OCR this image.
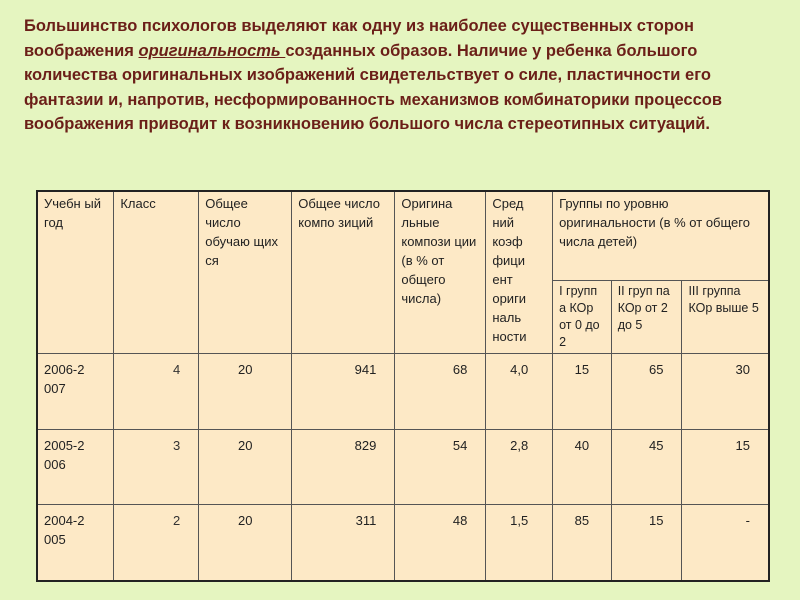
Большинство психологов выделяют как одну из наиболее существенных сторон воображения оригинальность созданных образов. Наличие у ребенка большого количества оригинальных изображений свидетельствует о силе, пластичности его фантазии и, напротив, несформированность механизмов комбинаторики процессов воображения приводит к возникновению большого числа стереотипных ситуаций.

Учебн ый год	Класс	Общее число обучаю щих ся	Общее число компо зиций	Оригина льные компози ции (в % от общего числа)	Сред ний коэф фици ент ориги наль ности	Группы по уровню оригинальности (в % от общего числа детей)		
						I групп а КОр от 0 до 2	II груп па КОр от 2 до 5	III группа КОр выше 5
2006-2 007	4	20	941	68	4,0	15	65	30
2005-2 006	3	20	829	54	2,8	40	45	15
2004-2 005	2	20	311	48	1,5	85	15	-
